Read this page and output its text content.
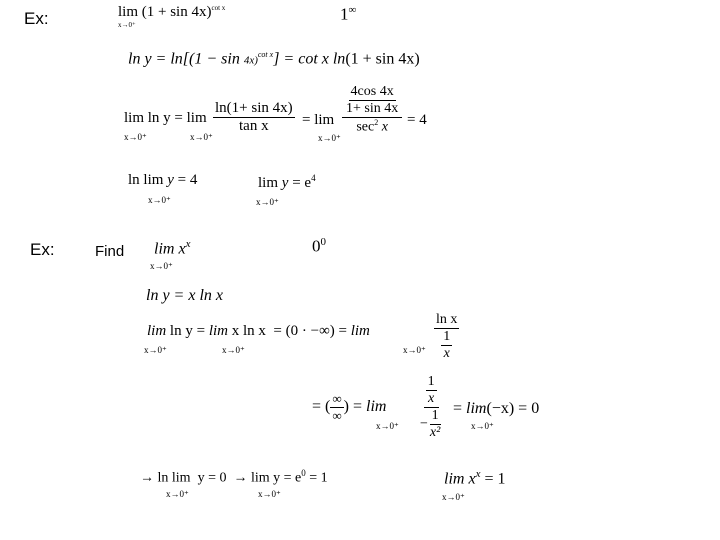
Ex:	$\lim (1 + \sin 4x)^{cot x}$
x→0⁺
1∞
$\ln y = \ln[(1 - \sin 4x)^{cot x}] = \cot x$ ln(1 + sin 4x)
lim ln y = lim
x→0⁺	x→0⁺
$\frac{\ln(1+ \sin 4x)}{\text{tan x}} = \lim$
x→0⁺
$\frac{\frac{4\cos 4x}{1+ \sin 4x}}{\sec^2 x} = 4$
ln lim y = 4
x→0⁺
$\lim y = e^4$
x→0⁺
Ex:	Find $\lim x^x$
x→0⁺
$0^0$
ln y = x ln x
lim ln y = lim x ln x = (0 · −∞) = lim
x→0⁺	x→0⁺	$x\to 0^+ \frac{\text{ln x}}{\frac{1}{x}}$
= ( $\frac{\infty}{\infty}$ ) = lim
$x\to 0^+ \frac{\frac{1}{x}}{- \frac{1}{\text{x²}}} = \lim(-x) = 0$
x→0⁺
→ $\ln \lim y = 0 \to \lim y = e^0 = 1$
x→0⁺	x→0⁺
$\lim x^x = 1$
x→0⁺
